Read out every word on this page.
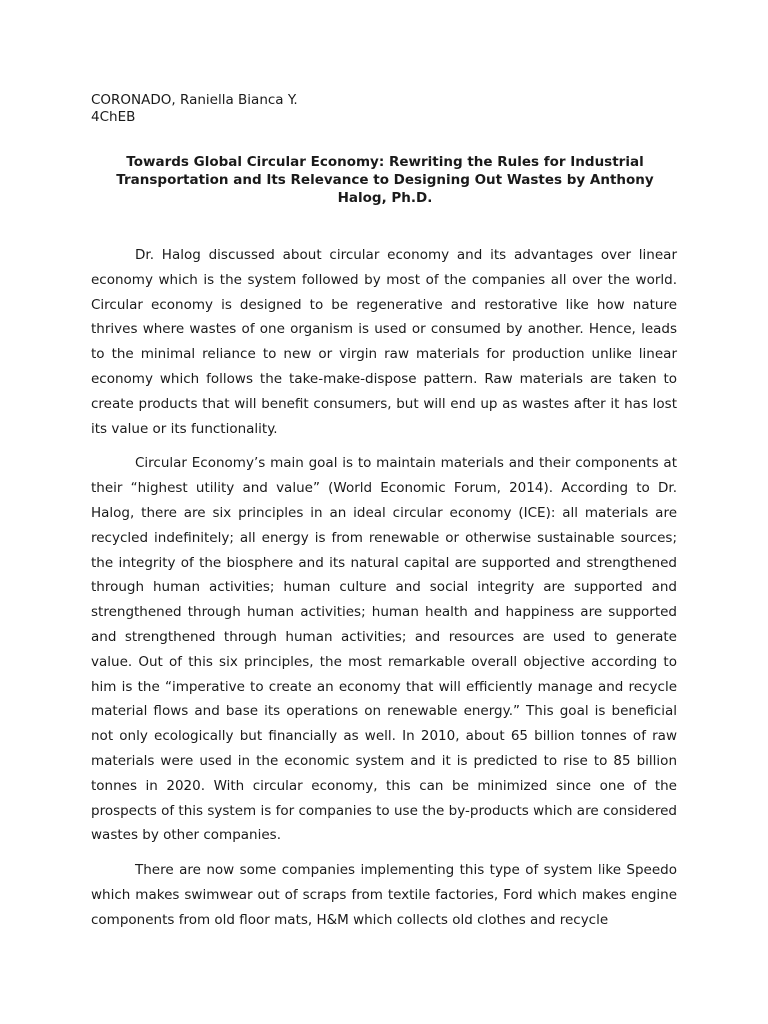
CORONADO, Raniella Bianca Y.
4ChEB
Towards Global Circular Economy: Rewriting the Rules for Industrial Transportation and Its Relevance to Designing Out Wastes by Anthony Halog, Ph.D.

Dr. Halog discussed about circular economy and its advantages over linear economy which is the system followed by most of the companies all over the world. Circular economy is designed to be regenerative and restorative like how nature thrives where wastes of one organism is used or consumed by another. Hence, leads to the minimal reliance to new or virgin raw materials for production unlike linear economy which follows the take-make-dispose pattern. Raw materials are taken to create products that will benefit consumers, but will end up as wastes after it has lost its value or its functionality.

Circular Economy’s main goal is to maintain materials and their components at their “highest utility and value” (World Economic Forum, 2014). According to Dr. Halog, there are six principles in an ideal circular economy (ICE): all materials are recycled indefinitely; all energy is from renewable or otherwise sustainable sources; the integrity of the biosphere and its natural capital are supported and strengthened through human activities; human culture and social integrity are supported and strengthened through human activities; human health and happiness are supported and strengthened through human activities; and resources are used to generate value. Out of this six principles, the most remarkable overall objective according to him is the “imperative to create an economy that will efficiently manage and recycle material flows and base its operations on renewable energy.” This goal is beneficial not only ecologically but financially as well. In 2010, about 65 billion tonnes of raw materials were used in the economic system and it is predicted to rise to 85 billion tonnes in 2020. With circular economy, this can be minimized since one of the prospects of this system is for companies to use the by-products which are considered wastes by other companies.

There are now some companies implementing this type of system like Speedo which makes swimwear out of scraps from textile factories, Ford which makes engine components from old floor mats, H&M which collects old clothes and recycle
